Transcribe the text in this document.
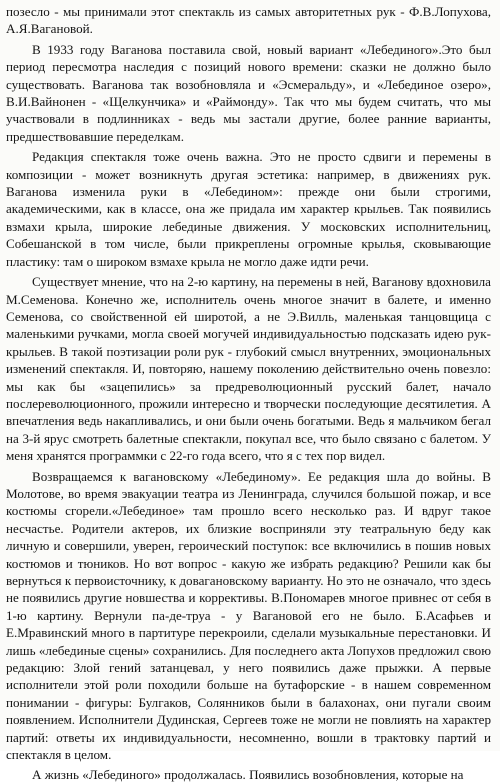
позесло - мы принимали этот спектакль из самых авторитетных рук - Ф.В.Лопухова, А.Я.Вагановой.

В 1933 году Ваганова поставила свой, новый вариант «Лебединого».Это был период пересмотра наследия с позиций нового времени: сказки не должно было существовать. Ваганова так возобновляла и «Эсмеральду», и «Лебединое озеро», В.И.Вайнонен - «Щелкунчика» и «Раймонду». Так что мы будем считать, что мы участвовали в подлинниках - ведь мы застали другие, более ранние варианты, предшествовавшие переделкам.

Редакция спектакля тоже очень важна. Это не просто сдвиги и перемены в композиции - может возникнуть другая эстетика: например, в движениях рук. Ваганова изменила руки в «Лебедином»: прежде они были строгими, академическими, как в классе, она же придала им характер крыльев. Так появились взмахи крыла, широкие лебединые движения. У московских исполнительниц, Собешанской в том числе, были прикреплены огромные крылья, сковывающие пластику: там о широком взмахе крыла не могло даже идти речи.

Существует мнение, что на 2-ю картину, на перемены в ней, Ваганову вдохновила М.Семенова. Конечно же, исполнитель очень многое значит в балете, и именно Семенова, со свойственной ей широтой, а не Э.Вилль, маленькая танцовщица с маленькими ручками, могла своей могучей индивидуальностью подсказать идею рук-крыльев. В такой поэтизации роли рук - глубокий смысл внутренних, эмоциональных изменений спектакля. И, повторяю, нашему поколению действительно очень повезло: мы как бы «зацепились» за предреволюционный русский балет, начало послереволюционного, прожили интересно и творчески последующие десятилетия. А впечатления ведь накапливались, и они были очень богатыми. Ведь я мальчиком бегал на 3-й ярус смотреть балетные спектакли, покупал все, что было связано с балетом. У меня хранятся программки с 22-го года всего, что я с тех пор видел.

Возвращаемся к вагановскому «Лебединому». Ее редакция шла до войны. В Молотове, во время эвакуации театра из Ленинграда, случился большой пожар, и все костюмы сгорели.«Лебединое» там прошло всего несколько раз. И вдруг такое несчастье. Родители актеров, их близкие восприняли эту театральную беду как личную и совершили, уверен, героический поступок: все включились в пошив новых костюмов и тюников. Но вот вопрос - какую же избрать редакцию? Решили как бы вернуться к первоисточнику, к довагановскому варианту. Но это не означало, что здесь не появились другие новшества и коррективы. В.Пономарев многое привнес от себя в 1-ю картину. Вернули па-де-труа - у Вагановой его не было. Б.Асафьев и Е.Мравинский много в партитуре перекроили, сделали музыкальные перестановки. И лишь «лебединые сцены» сохранились. Для последнего акта Лопухов предложил свою редакцию: Злой гений затанцевал, у него появились даже прыжки. А первые исполнители этой роли походили больше на бутафорские - в нашем современном понимании - фигуры: Булгаков, Солянников были в балахонах, они пугали своим появлением. Исполнители Дудинская, Сергеев тоже не могли не повлиять на характер партий: ответы их индивидуальности, несомненно, вошли в трактовку партий и спектакля в целом.

А жизнь «Лебединого» продолжалась. Появились возобновления, которые на
